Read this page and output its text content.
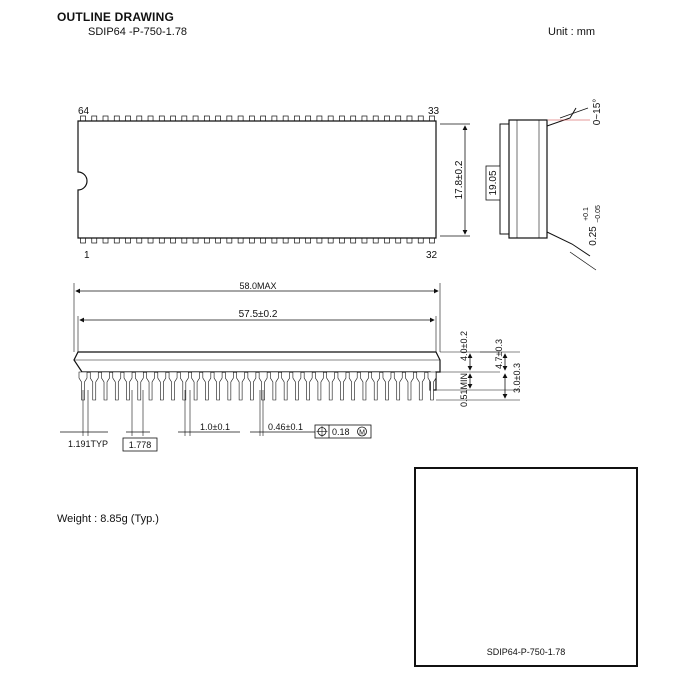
OUTLINE DRAWING
SDIP64 -P-750-1.78	Unit : mm
Weight : 8.85g (Typ.)
64	33
1	32
17.8±0.2 19.05
0~15°
0.25
+0.1 −0.05
58.0MAX
57.5±0.2
4.0±0.2
0.51MIN
4.7±0.3
3.0±0.3
1.191TYP 1.778
1.0±0.1	0.46±0.1	0.18 M
SDIP64-P-750-1.78
